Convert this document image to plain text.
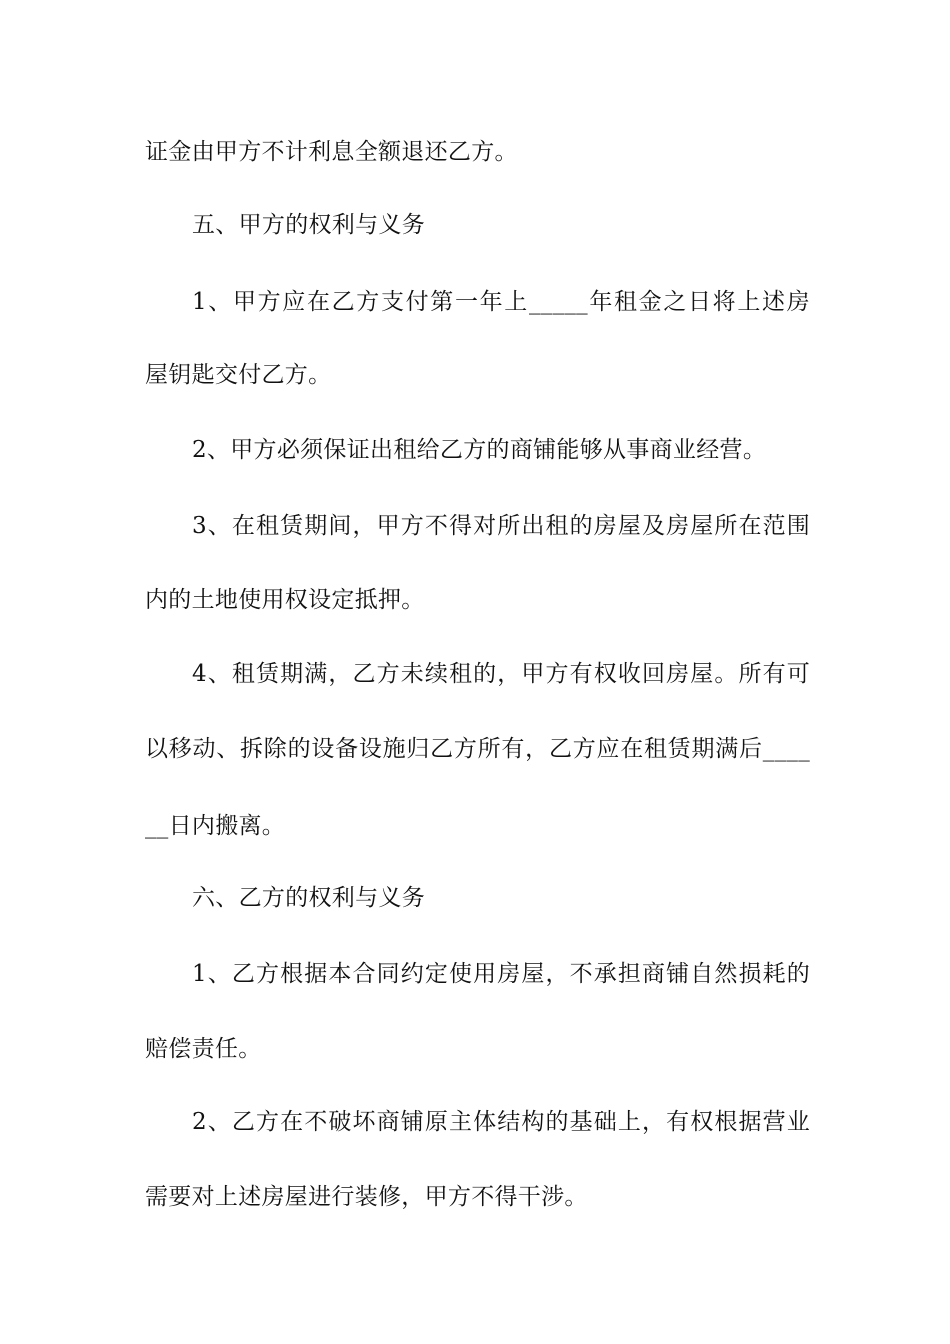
证金由甲方不计利息全额退还乙方。
五、甲方的权利与义务
1、甲方应在乙方支付第一年上_____年租金之日将上述房
屋钥匙交付乙方。
2、甲方必须保证出租给乙方的商铺能够从事商业经营。
3、在租赁期间，甲方不得对所出租的房屋及房屋所在范围
内的土地使用权设定抵押。
4、租赁期满，乙方未续租的，甲方有权收回房屋。所有可
以移动、拆除的设备设施归乙方所有，乙方应在租赁期满后____
__日内搬离。
六、乙方的权利与义务
1、乙方根据本合同约定使用房屋，不承担商铺自然损耗的
赔偿责任。
2、乙方在不破坏商铺原主体结构的基础上，有权根据营业
需要对上述房屋进行装修，甲方不得干涉。
